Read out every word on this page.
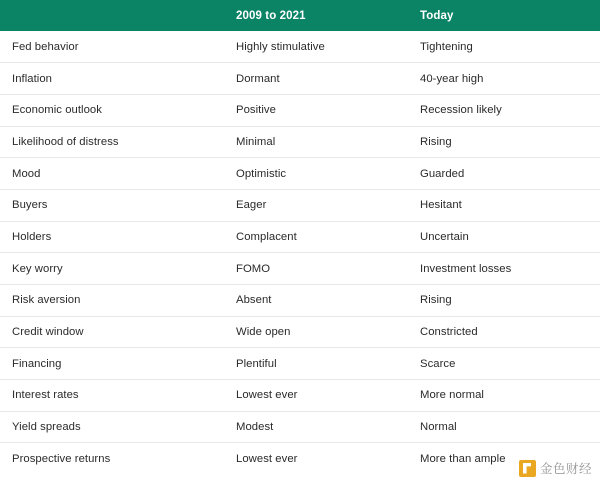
	2009 to 2021	Today
Fed behavior	Highly stimulative	Tightening
Inflation	Dormant	40-year high
Economic outlook	Positive	Recession likely
Likelihood of distress	Minimal	Rising
Mood	Optimistic	Guarded
Buyers	Eager	Hesitant
Holders	Complacent	Uncertain
Key worry	FOMO	Investment losses
Risk aversion	Absent	Rising
Credit window	Wide open	Constricted
Financing	Plentiful	Scarce
Interest rates	Lowest ever	More normal
Yield spreads	Modest	Normal
Prospective returns	Lowest ever	More than ample
金色财经
